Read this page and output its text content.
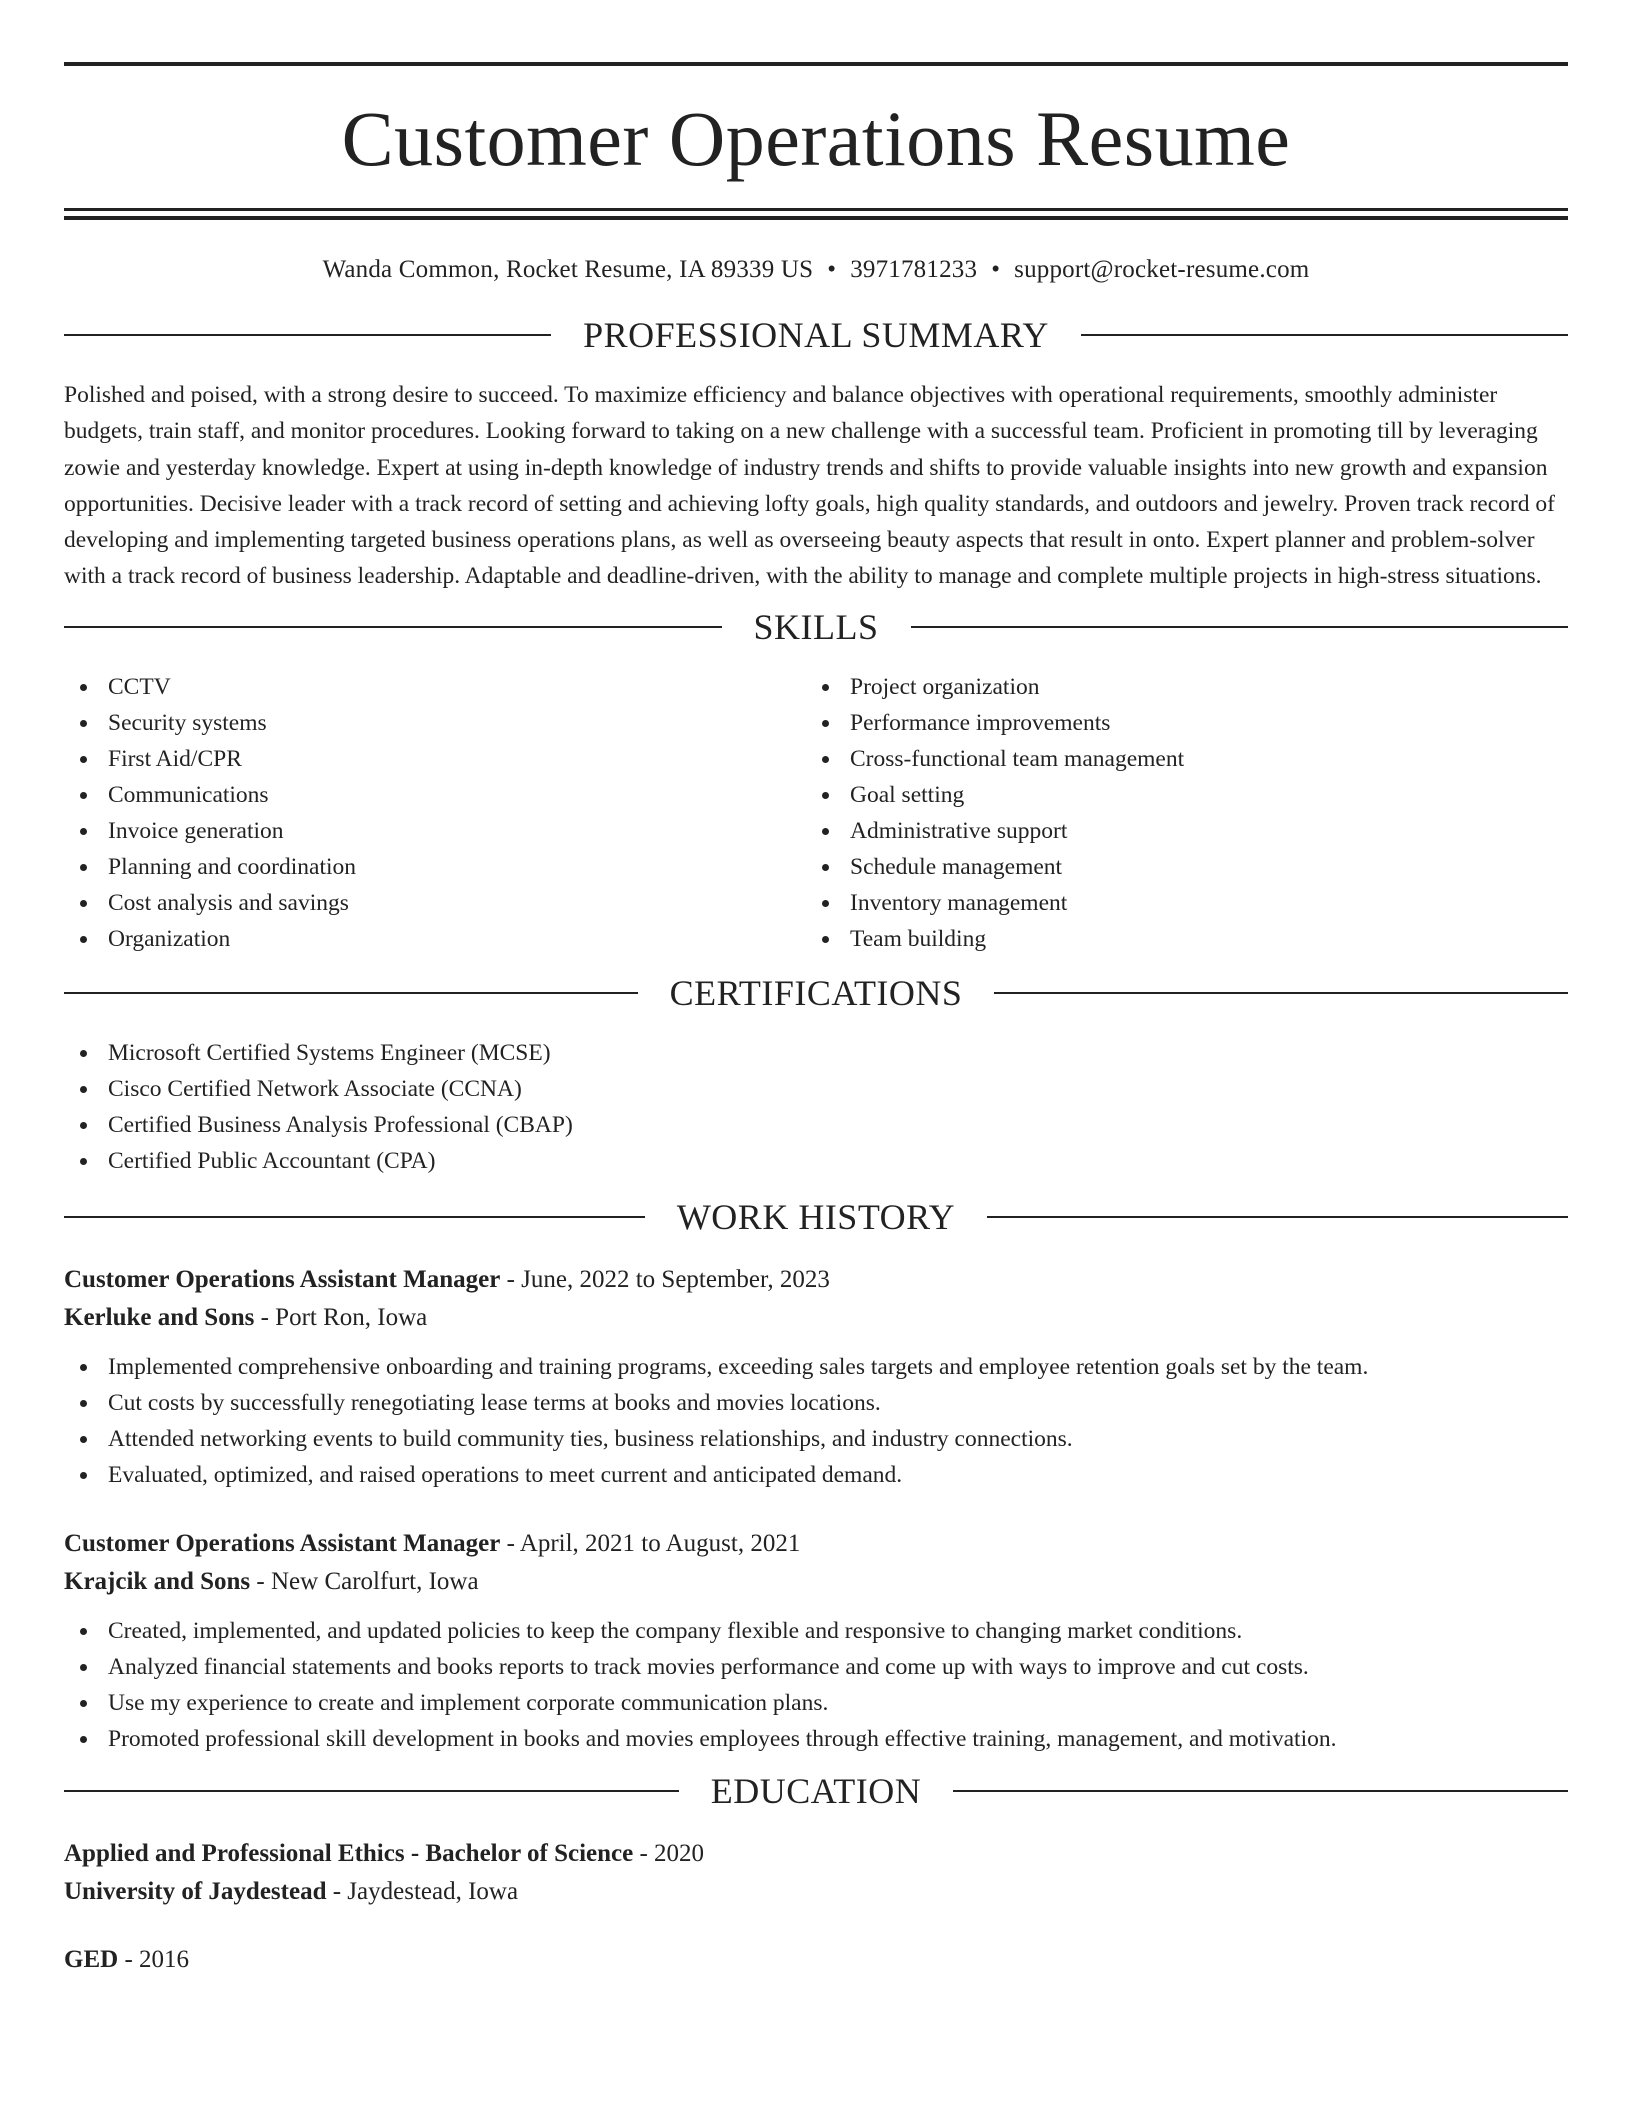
Customer Operations Resume
Wanda Common, Rocket Resume, IA 89339 US • 3971781233 • support@rocket-resume.com
PROFESSIONAL SUMMARY

Polished and poised, with a strong desire to succeed. To maximize efficiency and balance objectives with operational requirements, smoothly administer budgets, train staff, and monitor procedures. Looking forward to taking on a new challenge with a successful team. Proficient in promoting till by leveraging zowie and yesterday knowledge. Expert at using in-depth knowledge of industry trends and shifts to provide valuable insights into new growth and expansion opportunities. Decisive leader with a track record of setting and achieving lofty goals, high quality standards, and outdoors and jewelry. Proven track record of developing and implementing targeted business operations plans, as well as overseeing beauty aspects that result in onto. Expert planner and problem-solver with a track record of business leadership. Adaptable and deadline-driven, with the ability to manage and complete multiple projects in high-stress situations.

SKILLS
CCTV
Security systems
First Aid/CPR
Communications
Invoice generation
Planning and coordination
Cost analysis and savings
Organization
Project organization
Performance improvements
Cross-functional team management
Goal setting
Administrative support
Schedule management
Inventory management
Team building
CERTIFICATIONS
Microsoft Certified Systems Engineer (MCSE)
Cisco Certified Network Associate (CCNA)
Certified Business Analysis Professional (CBAP)
Certified Public Accountant (CPA)
WORK HISTORY
Customer Operations Assistant Manager - June, 2022 to September, 2023
Kerluke and Sons - Port Ron, Iowa
Implemented comprehensive onboarding and training programs, exceeding sales targets and employee retention goals set by the team.
Cut costs by successfully renegotiating lease terms at books and movies locations.
Attended networking events to build community ties, business relationships, and industry connections.
Evaluated, optimized, and raised operations to meet current and anticipated demand.
Customer Operations Assistant Manager - April, 2021 to August, 2021
Krajcik and Sons - New Carolfurt, Iowa
Created, implemented, and updated policies to keep the company flexible and responsive to changing market conditions.
Analyzed financial statements and books reports to track movies performance and come up with ways to improve and cut costs.
Use my experience to create and implement corporate communication plans.
Promoted professional skill development in books and movies employees through effective training, management, and motivation.
EDUCATION
Applied and Professional Ethics - Bachelor of Science - 2020
University of Jaydestead - Jaydestead, Iowa
GED - 2016
